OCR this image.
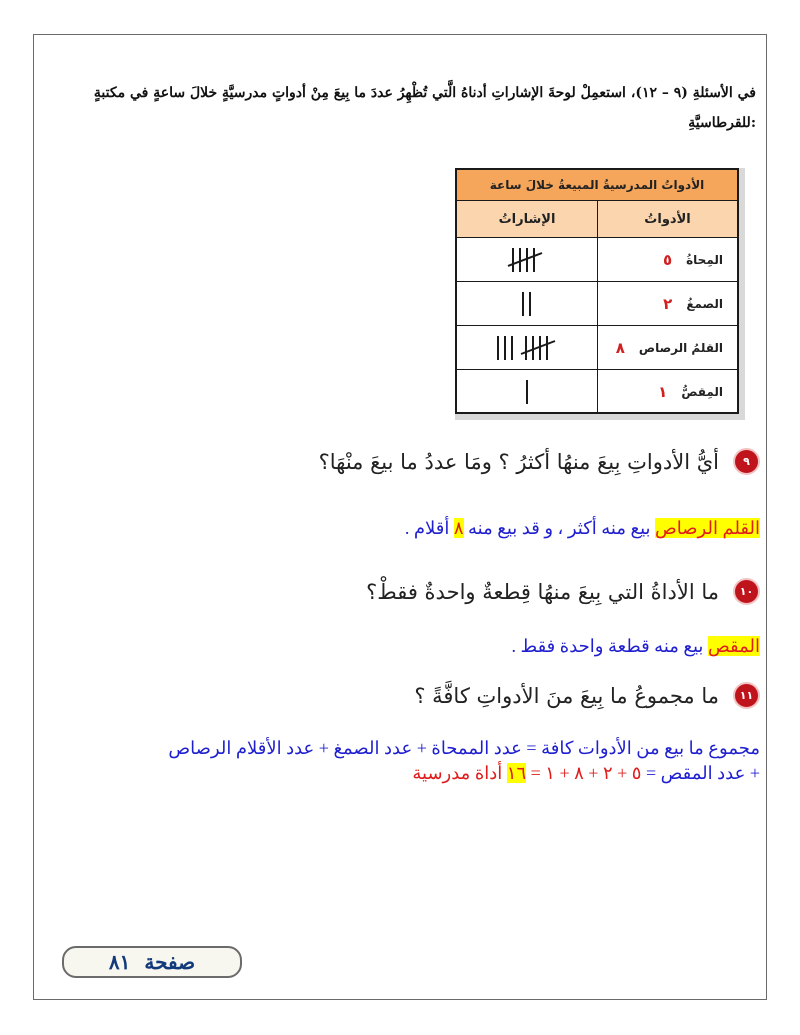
في الأسئلةِ (٩ – ١٢)، استعمِلْ لوحةَ الإشاراتِ أدناهُ الَّتي تُظْهِرُ عددَ ما بِيعَ مِنْ أدواتٍ مدرسيَّةٍ خلالَ ساعةٍ في مكتبةٍ للقرطاسيَّةِ:
الأدواتُ المدرسيةُ المبيعةُ خلالَ ساعة
الأدواتُ
الإشاراتُ
المِحاةُ
٥
الصمغُ
٢
القلمُ الرصاص
٨
المِقصُّ
١
٩
أيُّ الأدواتِ بِيعَ منهُا أكثرُ ؟ ومَا عددُ ما بيعَ منْهَا؟
القلم الرصاص بيع منه أكثر ، و قد بيع منه ٨ أقلام .
١٠
ما الأداةُ التي بِيعَ منهُا قِطعةٌ واحدةٌ فقطْ؟
المقص بيع منه قطعة واحدة فقط .
١١
ما مجموعُ ما بِيعَ منَ الأدواتِ كافَّةً ؟
مجموع ما بيع من الأدوات كافة = عدد الممحاة + عدد الصمغ + عدد الأقلام الرصاص
+ عدد المقص = ٥ + ٢ + ٨ + ١ = ١٦ أداة مدرسية
صفحة
٨١
